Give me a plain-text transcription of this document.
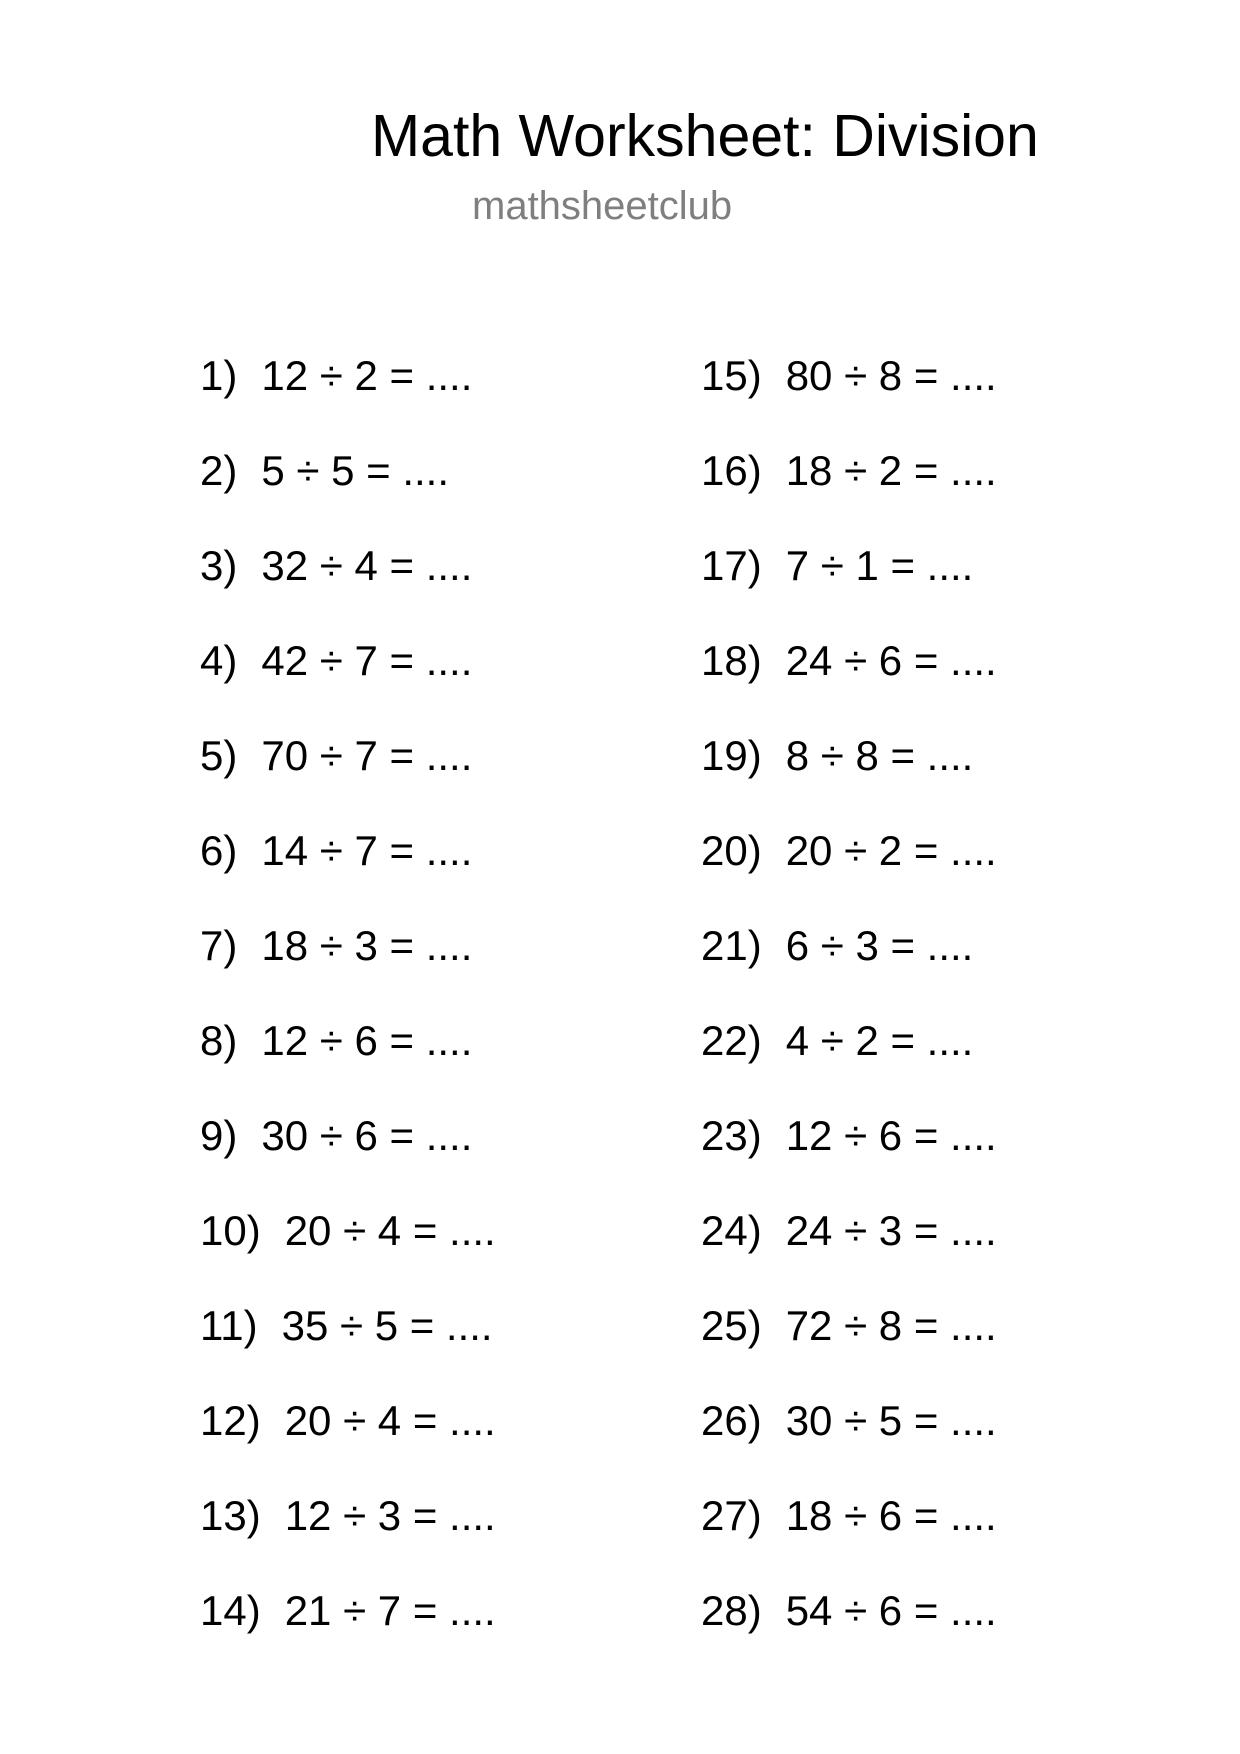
Math Worksheet: Division
mathsheetclub
1) 12 ÷ 2 = ....
2) 5 ÷ 5 = ....
3) 32 ÷ 4 = ....
4) 42 ÷ 7 = ....
5) 70 ÷ 7 = ....
6) 14 ÷ 7 = ....
7) 18 ÷ 3 = ....
8) 12 ÷ 6 = ....
9) 30 ÷ 6 = ....
10) 20 ÷ 4 = ....
11) 35 ÷ 5 = ....
12) 20 ÷ 4 = ....
13) 12 ÷ 3 = ....
14) 21 ÷ 7 = ....
15) 80 ÷ 8 = ....
16) 18 ÷ 2 = ....
17) 7 ÷ 1 = ....
18) 24 ÷ 6 = ....
19) 8 ÷ 8 = ....
20) 20 ÷ 2 = ....
21) 6 ÷ 3 = ....
22) 4 ÷ 2 = ....
23) 12 ÷ 6 = ....
24) 24 ÷ 3 = ....
25) 72 ÷ 8 = ....
26) 30 ÷ 5 = ....
27) 18 ÷ 6 = ....
28) 54 ÷ 6 = ....
